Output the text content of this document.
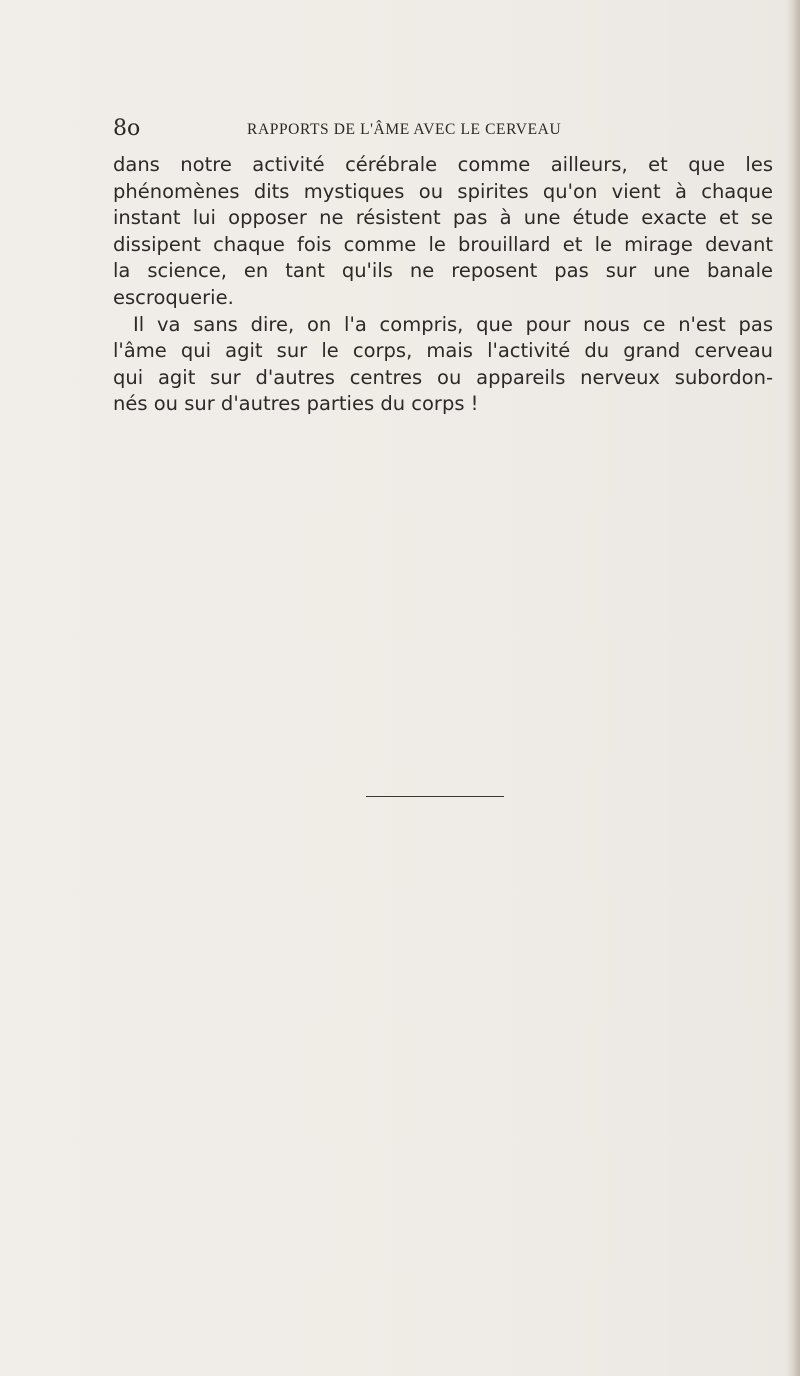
8o	RAPPORTS DE L'ÂME AVEC LE CERVEAU
dans notre activité cérébrale comme ailleurs, et que les
phénomènes dits mystiques ou spirites qu'on vient à chaque
instant lui opposer ne résistent pas à une étude exacte et se
dissipent chaque fois comme le brouillard et le mirage devant
la science, en tant qu'ils ne reposent pas sur une banale
escroquerie.
Il va sans dire, on l'a compris, que pour nous ce n'est pas
l'âme qui agit sur le corps, mais l'activité du grand cerveau
qui agit sur d'autres centres ou appareils nerveux subordon-
nés ou sur d'autres parties du corps !
